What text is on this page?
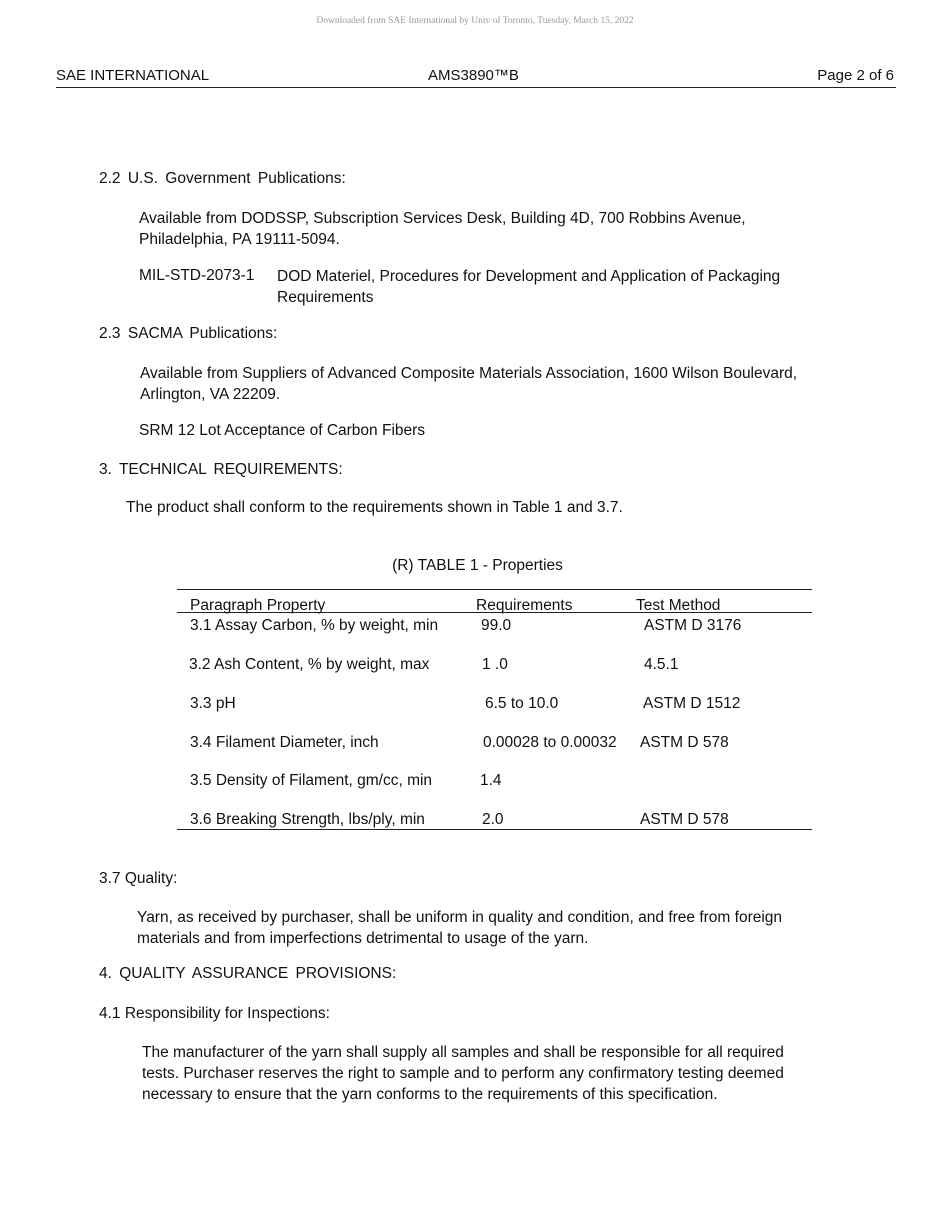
Downloaded from SAE International by Univ of Toronto, Tuesday, March 15, 2022
SAE INTERNATIONAL	AMS3890™B	Page 2 of 6
2.2 U.S. Government Publications:
Available from DODSSP, Subscription Services Desk, Building 4D, 700 Robbins Avenue,
Philadelphia, PA 19111-5094.
MIL-STD-2073-1 DOD Materiel, Procedures for Development and Application of Packaging
Requirements
2.3 SACMA Publications:
Available from Suppliers of Advanced Composite Materials Association, 1600 Wilson Boulevard,
Arlington, VA 22209.
SRM 12 Lot Acceptance of Carbon Fibers
3. TECHNICAL REQUIREMENTS:
The product shall conform to the requirements shown in Table 1 and 3.7.
(R) TABLE 1 - Properties
Paragraph Property	Requirements	Test Method
3.1 Assay Carbon, % by weight, min	99.0	ASTM D 3176
3.2 Ash Content, % by weight, max	1 .0	4.5.1
3.3 pH	6.5 to 10.0	ASTM D 1512
3.4 Filament Diameter, inch	0.00028 to 0.00032 ASTM D 578
3.5 Density of Filament, gm/cc, min	1.4
3.6 Breaking Strength, lbs/ply, min	2.0	ASTM D 578
3.7 Quality:
Yarn, as received by purchaser, shall be uniform in quality and condition, and free from foreign
materials and from imperfections detrimental to usage of the yarn.
4. QUALITY ASSURANCE PROVISIONS:
4.1 Responsibility for Inspections:
The manufacturer of the yarn shall supply all samples and shall be responsible for all required
tests. Purchaser reserves the right to sample and to perform any confirmatory testing deemed
necessary to ensure that the yarn conforms to the requirements of this specification.
